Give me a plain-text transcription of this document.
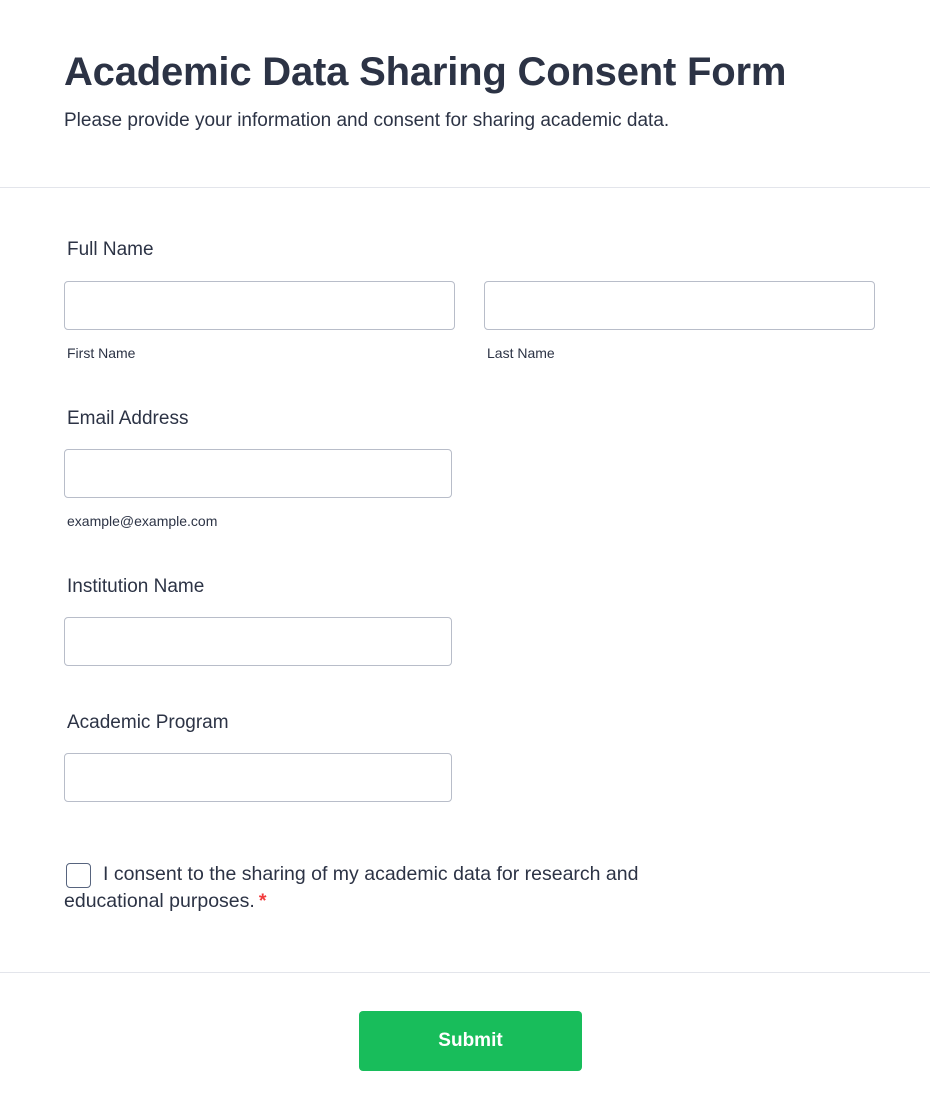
Academic Data Sharing Consent Form

Please provide your information and consent for sharing academic data.

Full Name
First Name	Last Name
Email Address
example@example.com
Institution Name
Academic Program
I consent to the sharing of my academic data for research and educational purposes. *
Submit
